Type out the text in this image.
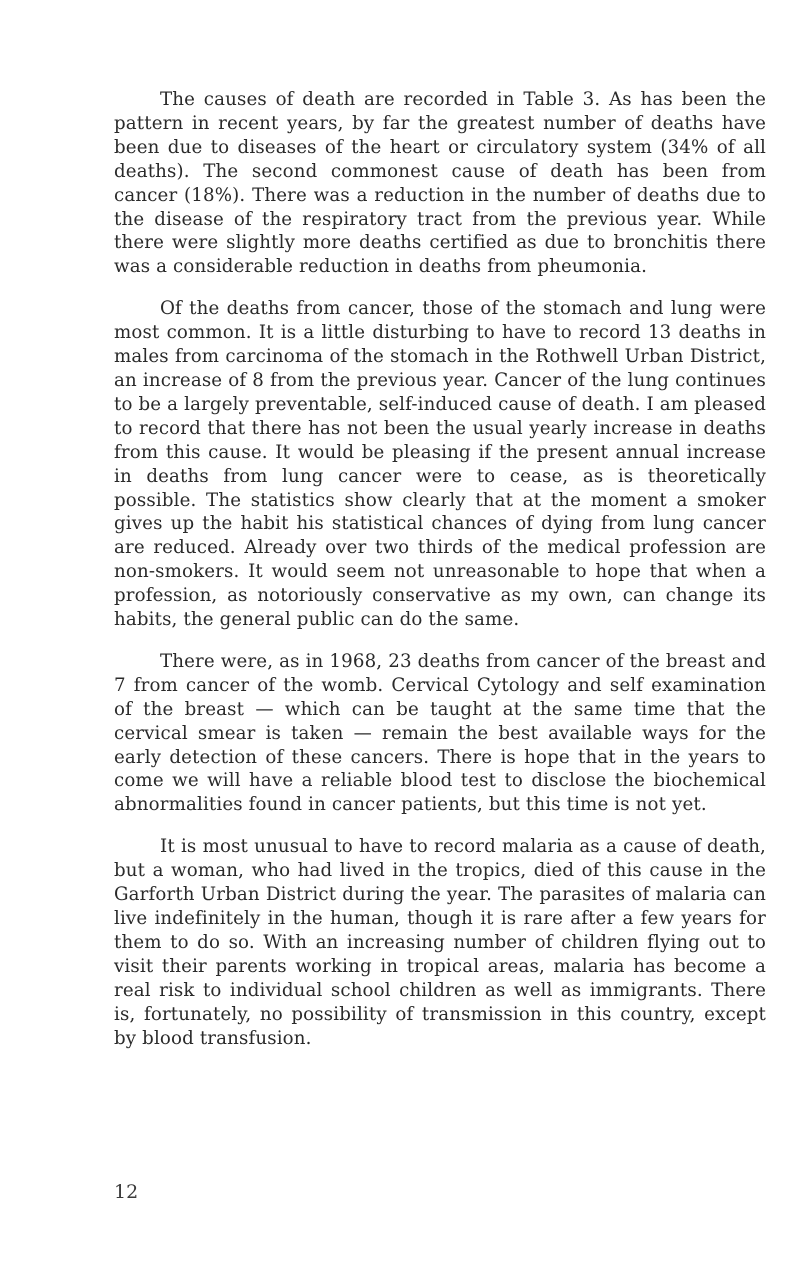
The causes of death are recorded in Table 3. As has been the pattern in recent years, by far the greatest number of deaths have been due to diseases of the heart or circulatory system (34% of all deaths). The second commonest cause of death has been from cancer (18%). There was a reduction in the number of deaths due to the disease of the respiratory tract from the previous year. While there were slightly more deaths certified as due to bronchitis there was a considerable reduction in deaths from pheumonia.

Of the deaths from cancer, those of the stomach and lung were most common. It is a little disturbing to have to record 13 deaths in males from carcinoma of the stomach in the Rothwell Urban District, an increase of 8 from the previous year. Cancer of the lung continues to be a largely preventable, self-induced cause of death. I am pleased to record that there has not been the usual yearly increase in deaths from this cause. It would be pleasing if the present annual increase in deaths from lung cancer were to cease, as is theoretically possible. The statistics show clearly that at the moment a smoker gives up the habit his statistical chances of dying from lung cancer are reduced. Already over two thirds of the medical profession are non-smokers. It would seem not unreasonable to hope that when a profession, as notoriously conservative as my own, can change its habits, the general public can do the same.

There were, as in 1968, 23 deaths from cancer of the breast and 7 from cancer of the womb. Cervical Cytology and self examination of the breast — which can be taught at the same time that the cervical smear is taken — remain the best available ways for the early detection of these cancers. There is hope that in the years to come we will have a reliable blood test to disclose the biochemical abnormalities found in cancer patients, but this time is not yet.

It is most unusual to have to record malaria as a cause of death, but a woman, who had lived in the tropics, died of this cause in the Garforth Urban District during the year. The parasites of malaria can live indefinitely in the human, though it is rare after a few years for them to do so. With an increasing number of children flying out to visit their parents working in tropical areas, malaria has become a real risk to individual school children as well as immigrants. There is, fortunately, no possibility of transmission in this country, except by blood transfusion.

12
